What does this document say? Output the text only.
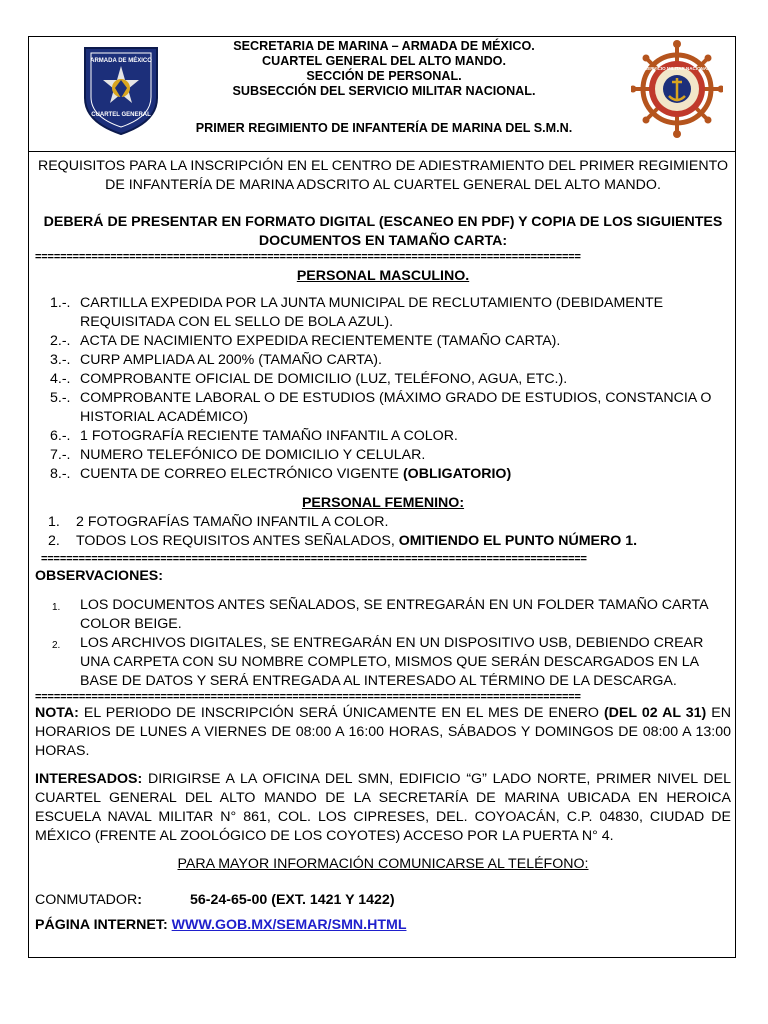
ARMADA DE MÉXICO
CUARTEL GENERAL
SECRETARIA DE MARINA – ARMADA DE MÉXICO.
CUARTEL GENERAL DEL ALTO MANDO.
SECCIÓN DE PERSONAL.
SUBSECCIÓN DEL SERVICIO MILITAR NACIONAL.
PRIMER REGIMIENTO DE INFANTERÍA DE MARINA DEL S.M.N.
SERVICIO MILITAR NACIONAL

REQUISITOS PARA LA INSCRIPCIÓN EN EL CENTRO DE ADIESTRAMIENTO DEL PRIMER REGIMIENTO DE INFANTERÍA DE MARINA ADSCRITO AL CUARTEL GENERAL DEL ALTO MANDO.

DEBERÁ DE PRESENTAR EN FORMATO DIGITAL (ESCANEO EN PDF) Y COPIA DE LOS SIGUIENTES DOCUMENTOS EN TAMAÑO CARTA:

=======================================================================================

PERSONAL MASCULINO.

1.-. CARTILLA EXPEDIDA POR LA JUNTA MUNICIPAL DE RECLUTAMIENTO (DEBIDAMENTE REQUISITADA CON EL SELLO DE BOLA AZUL).
2.-. ACTA DE NACIMIENTO EXPEDIDA RECIENTEMENTE (TAMAÑO CARTA).
3.-. CURP AMPLIADA AL 200% (TAMAÑO CARTA).
4.-. COMPROBANTE OFICIAL DE DOMICILIO (LUZ, TELÉFONO, AGUA, ETC.).
5.-. COMPROBANTE LABORAL O DE ESTUDIOS (MÁXIMO GRADO DE ESTUDIOS, CONSTANCIA O HISTORIAL ACADÉMICO)
6.-. 1 FOTOGRAFÍA RECIENTE TAMAÑO INFANTIL A COLOR.
7.-. NUMERO TELEFÓNICO DE DOMICILIO Y CELULAR.
8.-. CUENTA DE CORREO ELECTRÓNICO VIGENTE (OBLIGATORIO)

PERSONAL FEMENINO:

1. 2 FOTOGRAFÍAS TAMAÑO INFANTIL A COLOR.
2. TODOS LOS REQUISITOS ANTES SEÑALADOS, OMITIENDO EL PUNTO NÚMERO 1.
=======================================================================================

OBSERVACIONES:

1. LOS DOCUMENTOS ANTES SEÑALADOS, SE ENTREGARÁN EN UN FOLDER TAMAÑO CARTA COLOR BEIGE.
2. LOS ARCHIVOS DIGITALES, SE ENTREGARÁN EN UN DISPOSITIVO USB, DEBIENDO CREAR UNA CARPETA CON SU NOMBRE COMPLETO, MISMOS QUE SERÁN DESCARGADOS EN LA BASE DE DATOS Y SERÁ ENTREGADA AL INTERESADO AL TÉRMINO DE LA DESCARGA.
=======================================================================================

NOTA: EL PERIODO DE INSCRIPCIÓN SERÁ ÚNICAMENTE EN EL MES DE ENERO (DEL 02 AL 31) EN HORARIOS DE LUNES A VIERNES DE 08:00 A 16:00 HORAS, SÁBADOS Y DOMINGOS DE 08:00 A 13:00 HORAS.

INTERESADOS: DIRIGIRSE A LA OFICINA DEL SMN, EDIFICIO “G” LADO NORTE, PRIMER NIVEL DEL CUARTEL GENERAL DEL ALTO MANDO DE LA SECRETARÍA DE MARINA UBICADA EN HEROICA ESCUELA NAVAL MILITAR N° 861, COL. LOS CIPRESES, DEL. COYOACÁN, C.P. 04830, CIUDAD DE MÉXICO (FRENTE AL ZOOLÓGICO DE LOS COYOTES) ACCESO POR LA PUERTA N° 4.

PARA MAYOR INFORMACIÓN COMUNICARSE AL TELÉFONO:

CONMUTADOR:	56-24-65-00 (EXT. 1421 Y 1422)

PÁGINA INTERNET: WWW.GOB.MX/SEMAR/SMN.HTML
